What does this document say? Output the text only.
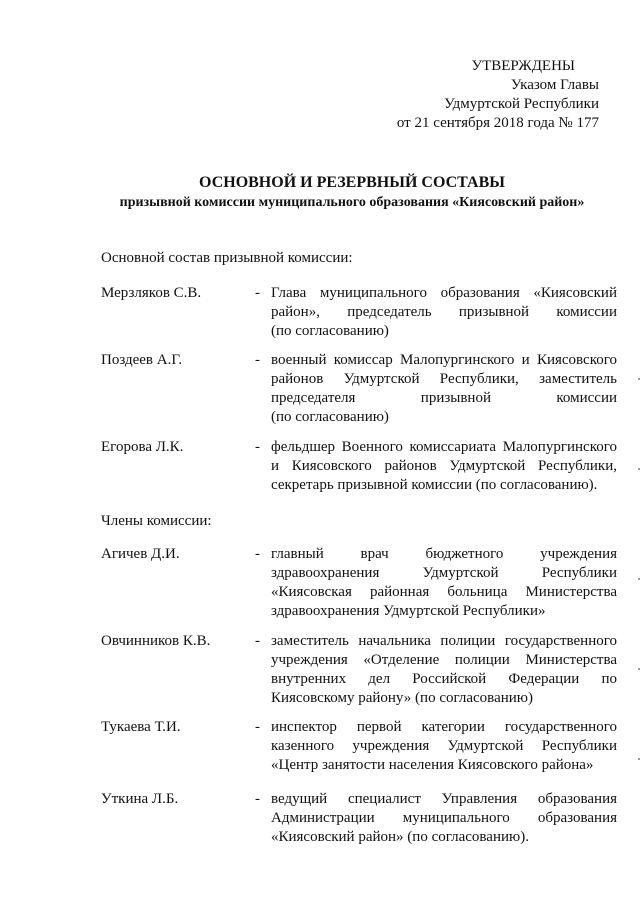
УТВЕРЖДЕНЫ
Указом Главы
Удмуртской Республики
от 21 сентября 2018 года № 177
ОСНОВНОЙ И РЕЗЕРВНЫЙ СОСТАВЫ
призывной комиссии муниципального образования «Киясовский район»
Основной состав призывной комиссии:
Мерзляков С.В.	- Глава муниципального образования «Киясовский
район», председатель призывной комиссии
(по согласованию)
Поздеев А.Г.	- военный комиссар Малопургинского и Киясовского
районов Удмуртской Республики, заместитель
председателя призывной комиссии
(по согласованию)
Егорова Л.К.	- фельдшер Военного комиссариата Малопургинского
и Киясовского районов Удмуртской Республики,
секретарь призывной комиссии (по согласованию).
Члены комиссии:
Агичев Д.И.	- главный врач бюджетного учреждения
здравоохранения Удмуртской Республики
«Киясовская районная больница Министерства
здравоохранения Удмуртской Республики»
Овчинников К.В.	- заместитель начальника полиции государственного
учреждения «Отделение полиции Министерства
внутренних дел Российской Федерации по
Киясовскому району» (по согласованию)
Тукаева Т.И.	- инспектор первой категории государственного
казенного учреждения Удмуртской Республики
«Центр занятости населения Киясовского района»
Уткина Л.Б.	- ведущий специалист Управления образования
Администрации муниципального образования
«Киясовский район» (по согласованию).
